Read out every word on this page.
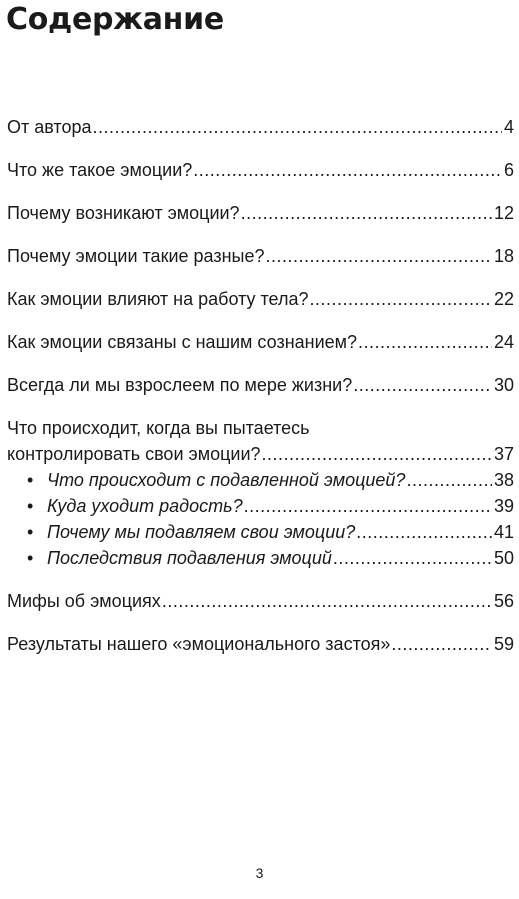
Содержание
От автора .....	4
Что же такое эмоции? .....	6
Почему возникают эмоции? .....	12
Почему эмоции такие разные? .....	18
Как эмоции влияют на работу тела? .....	22
Как эмоции связаны с нашим сознанием? .....	24
Всегда ли мы взрослеем по мере жизни? .....	30
Что происходит, когда вы пытаетесь
контролировать свои эмоции? .....	37
• Что происходит с подавленной эмоцией? .....	38
• Куда уходит радость? .....	39
• Почему мы подавляем свои эмоции? .....	41
• Последствия подавления эмоций .....	50
Мифы об эмоциях .....	56
Результаты нашего «эмоционального застоя» .....	59
3
